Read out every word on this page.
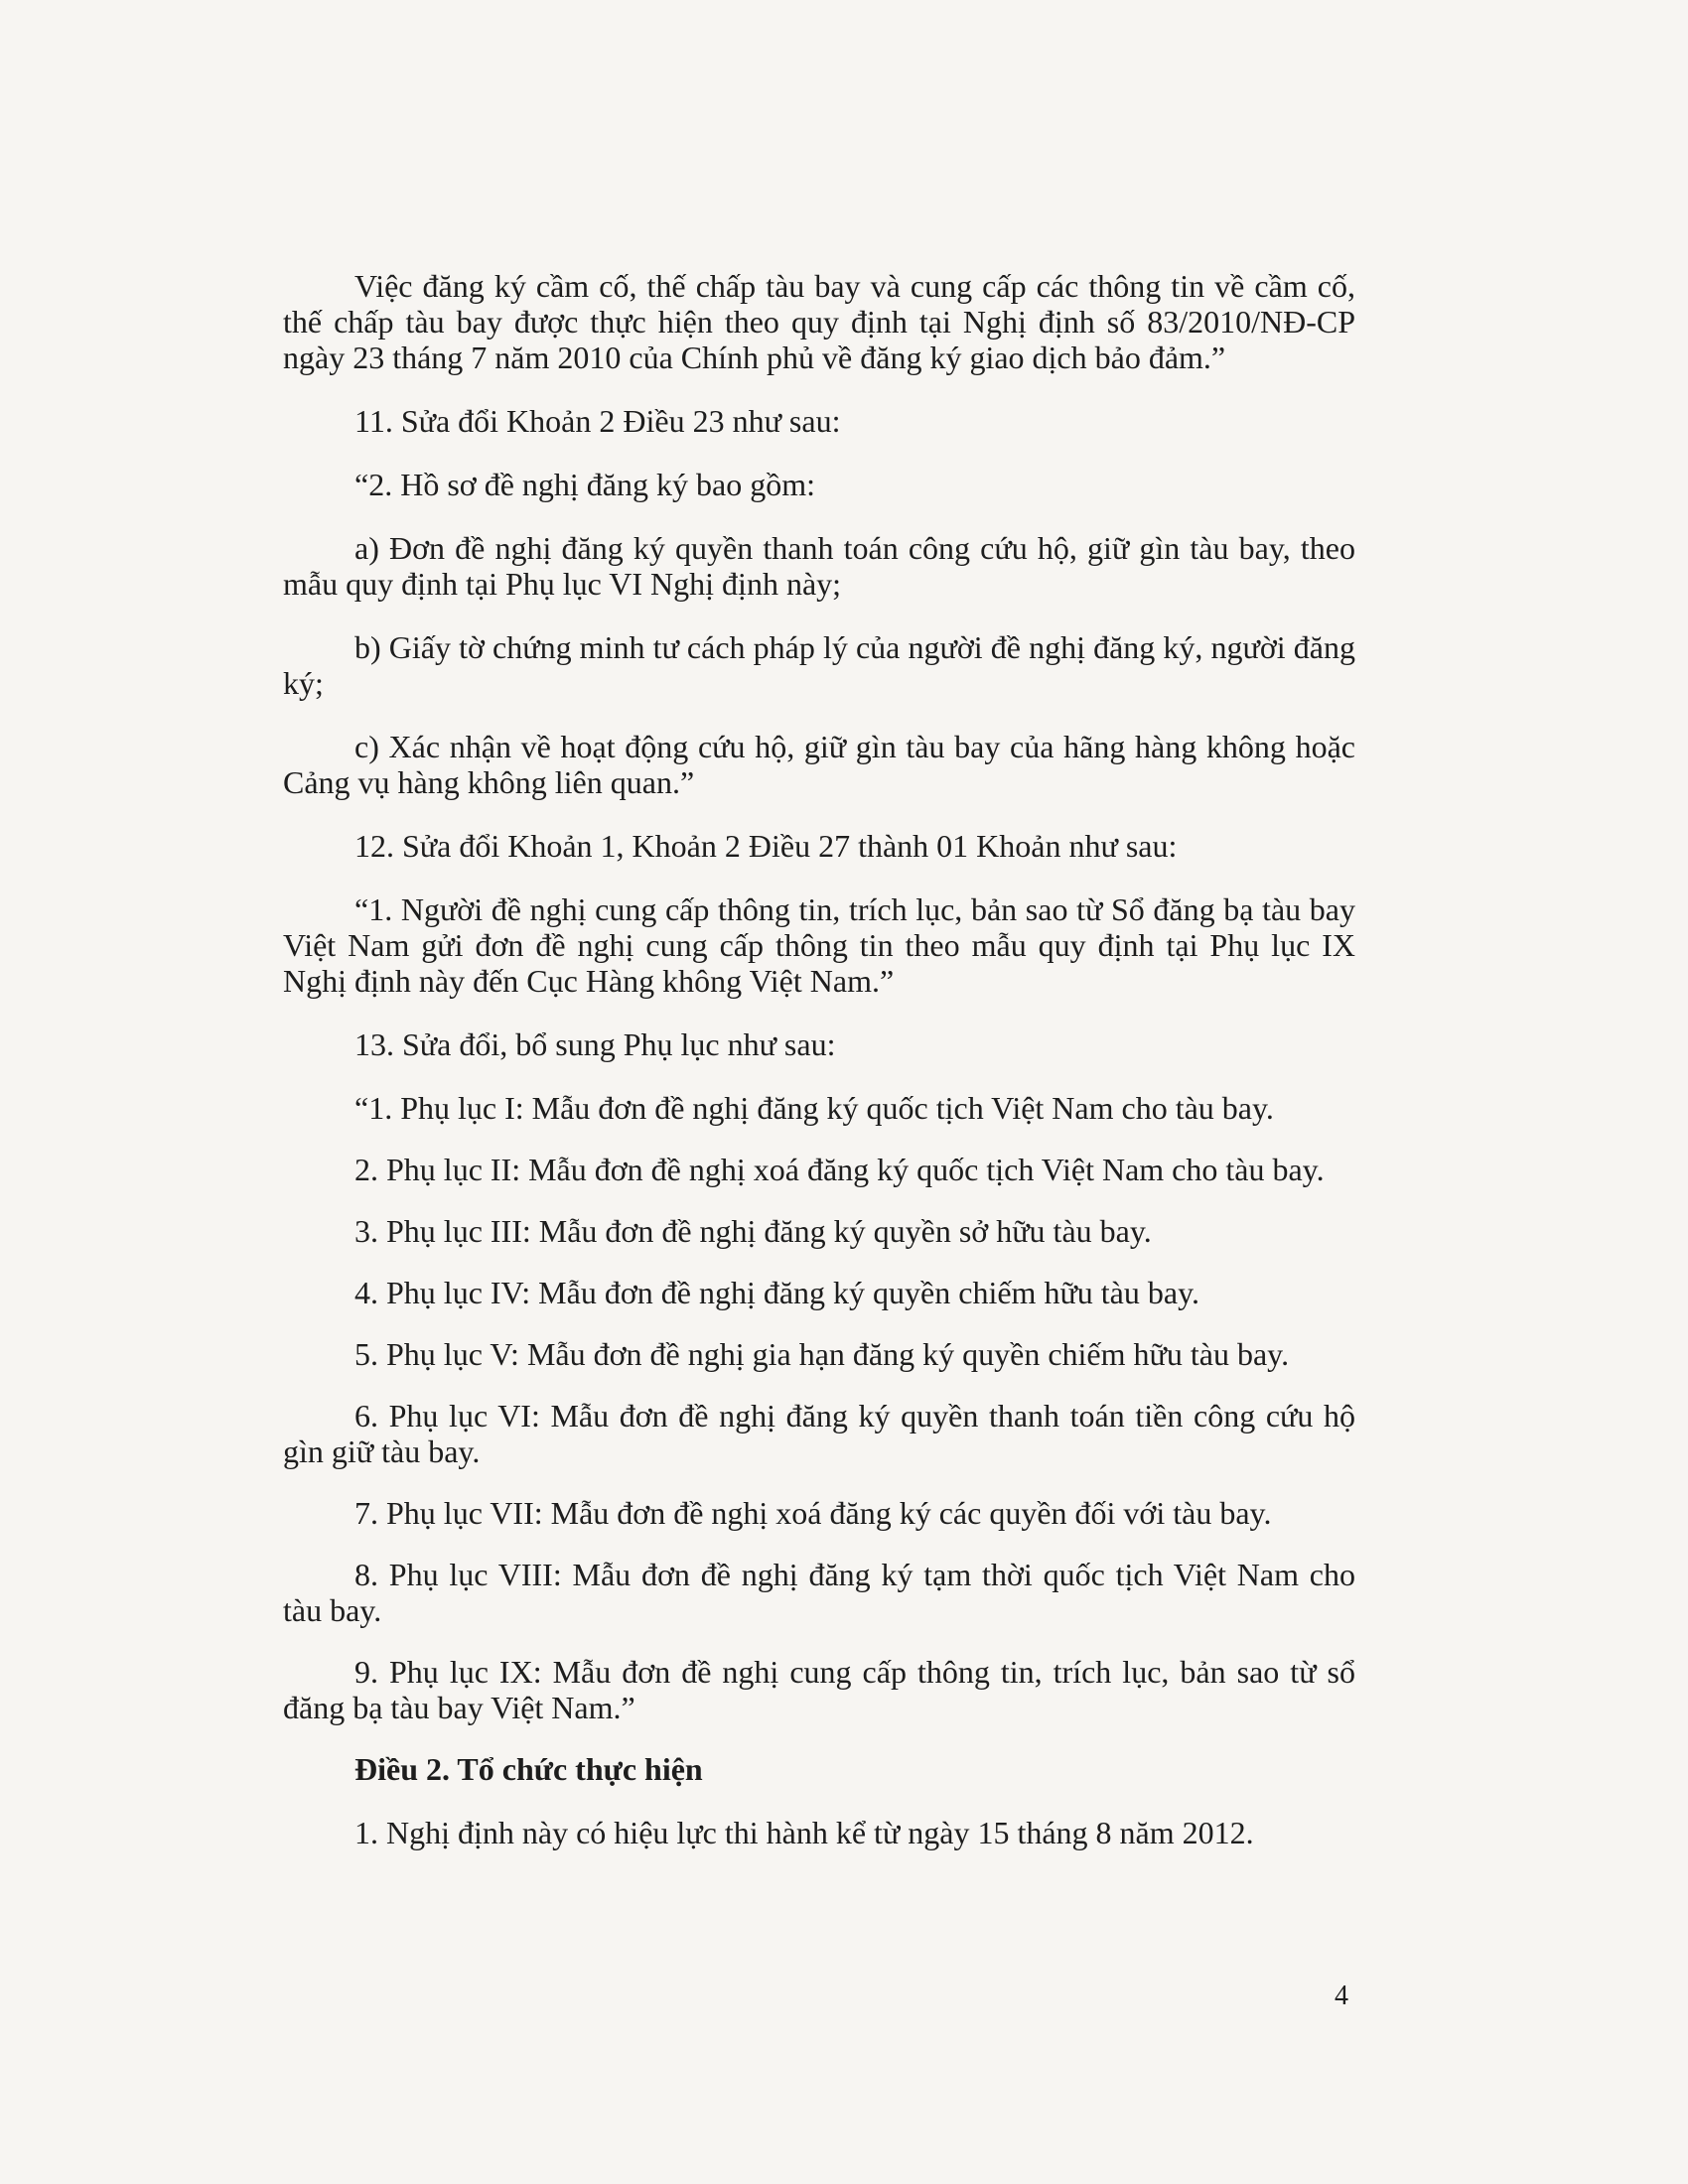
Việc đăng ký cầm cố, thế chấp tàu bay và cung cấp các thông tin về cầm cố, thế chấp tàu bay được thực hiện theo quy định tại Nghị định số 83/2010/NĐ-CP ngày 23 tháng 7 năm 2010 của Chính phủ về đăng ký giao dịch bảo đảm.”

11. Sửa đổi Khoản 2 Điều 23 như sau:

“2. Hồ sơ đề nghị đăng ký bao gồm:

a) Đơn đề nghị đăng ký quyền thanh toán công cứu hộ, giữ gìn tàu bay, theo mẫu quy định tại Phụ lục VI Nghị định này;

b) Giấy tờ chứng minh tư cách pháp lý của người đề nghị đăng ký, người đăng ký;

c) Xác nhận về hoạt động cứu hộ, giữ gìn tàu bay của hãng hàng không hoặc Cảng vụ hàng không liên quan.”

12. Sửa đổi Khoản 1, Khoản 2 Điều 27 thành 01 Khoản như sau:

“1. Người đề nghị cung cấp thông tin, trích lục, bản sao từ Sổ đăng bạ tàu bay Việt Nam gửi đơn đề nghị cung cấp thông tin theo mẫu quy định tại Phụ lục IX Nghị định này đến Cục Hàng không Việt Nam.”

13. Sửa đổi, bổ sung Phụ lục như sau:

“1. Phụ lục I: Mẫu đơn đề nghị đăng ký quốc tịch Việt Nam cho tàu bay.

2. Phụ lục II: Mẫu đơn đề nghị xoá đăng ký quốc tịch Việt Nam cho tàu bay.

3. Phụ lục III: Mẫu đơn đề nghị đăng ký quyền sở hữu tàu bay.

4. Phụ lục IV: Mẫu đơn đề nghị đăng ký quyền chiếm hữu tàu bay.

5. Phụ lục V: Mẫu đơn đề nghị gia hạn đăng ký quyền chiếm hữu tàu bay.

6. Phụ lục VI: Mẫu đơn đề nghị đăng ký quyền thanh toán tiền công cứu hộ gìn giữ tàu bay.

7. Phụ lục VII: Mẫu đơn đề nghị xoá đăng ký các quyền đối với tàu bay.

8. Phụ lục VIII: Mẫu đơn đề nghị đăng ký tạm thời quốc tịch Việt Nam cho tàu bay.

9. Phụ lục IX: Mẫu đơn đề nghị cung cấp thông tin, trích lục, bản sao từ sổ đăng bạ tàu bay Việt Nam.”

Điều 2. Tổ chức thực hiện

1. Nghị định này có hiệu lực thi hành kể từ ngày 15 tháng 8 năm 2012.

4
